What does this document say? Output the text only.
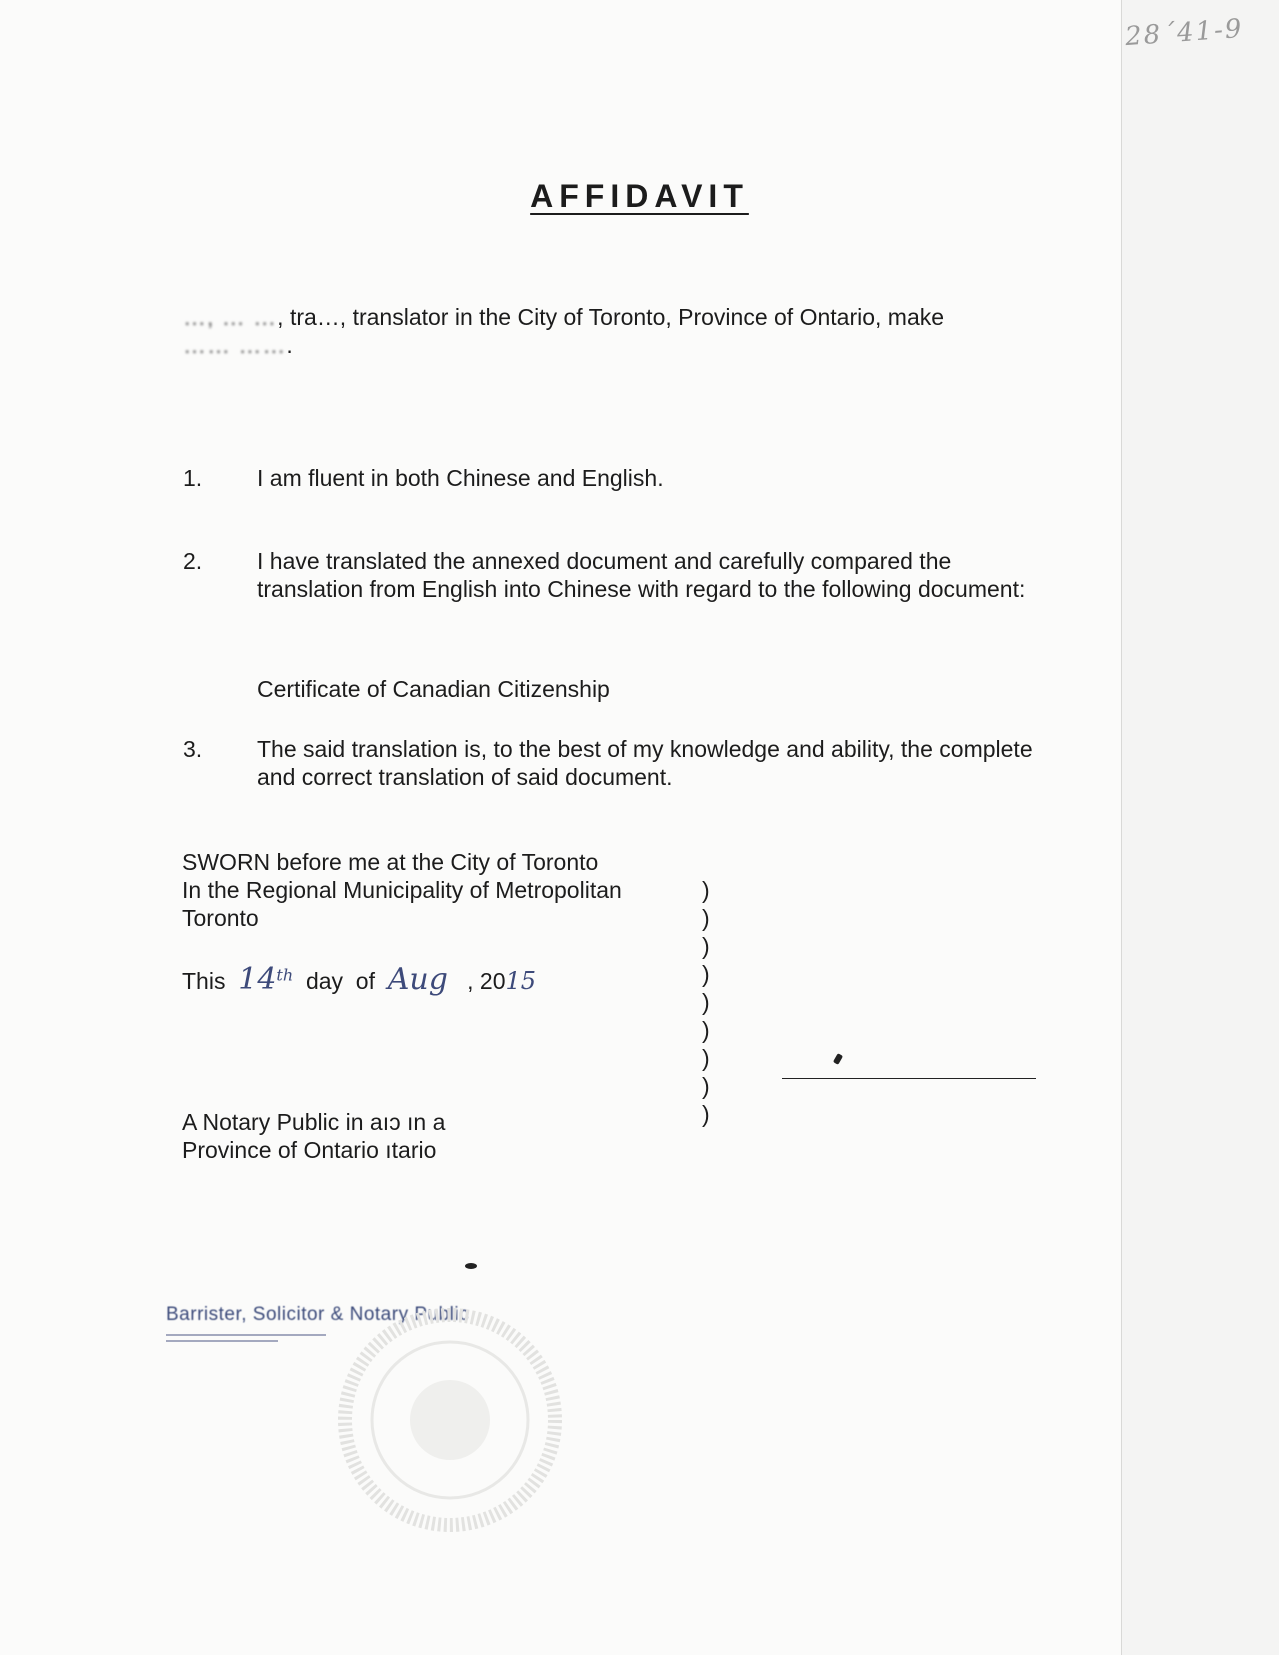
28´41-9
AFFIDAVIT
…, … …, tra…, translator in the City of Toronto, Province of Ontario, make
…… …….
1. I am fluent in both Chinese and English.
2. I have translated the annexed document and carefully compared the translation from English into Chinese with regard to the following document:
Certificate of Canadian Citizenship
3. The said translation is, to the best of my knowledge and ability, the complete and correct translation of said document.
SWORN before me at the City of Toronto
In the Regional Municipality of Metropolitan
Toronto
This 14th day  of Aug , 2015
)
)
)
)
)
)
)
)
)
A Notary Public in aıɔ ın a
Province of Ontario ıtario
Barrister, Solicitor & Notary Public
